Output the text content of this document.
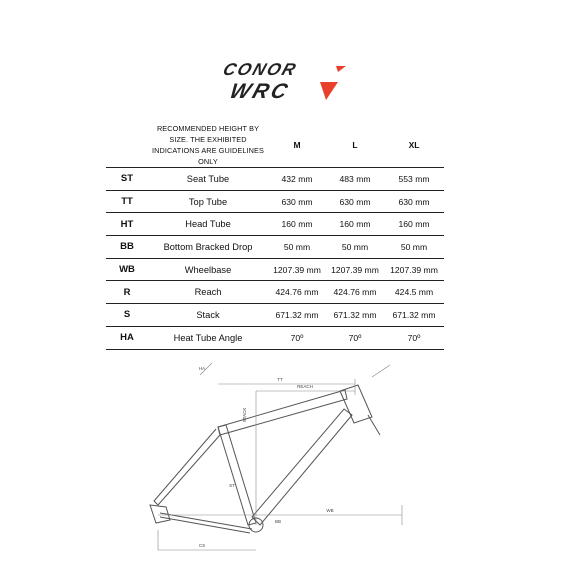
CONOR
WRC
	RECOMMENDED HEIGHT BY SIZE. THE EXHIBITED INDICATIONS ARE GUIDELINES ONLY	M	L	XL
ST	Seat Tube	432 mm	483 mm	553 mm
TT	Top Tube	630 mm	630 mm	630 mm
HT	Head Tube	160 mm	160 mm	160 mm
BB	Bottom Bracked Drop	50 mm	50 mm	50 mm
WB	Wheelbase	1207.39 mm	1207.39 mm	1207.39 mm
R	Reach	424.76 mm	424.76 mm	424.5 mm
S	Stack	671.32 mm	671.32 mm	671.32 mm
HA	Heat Tube Angle	70º	70º	70º
TT
REACH
STACK
WB
ST
HA
BB
CS
